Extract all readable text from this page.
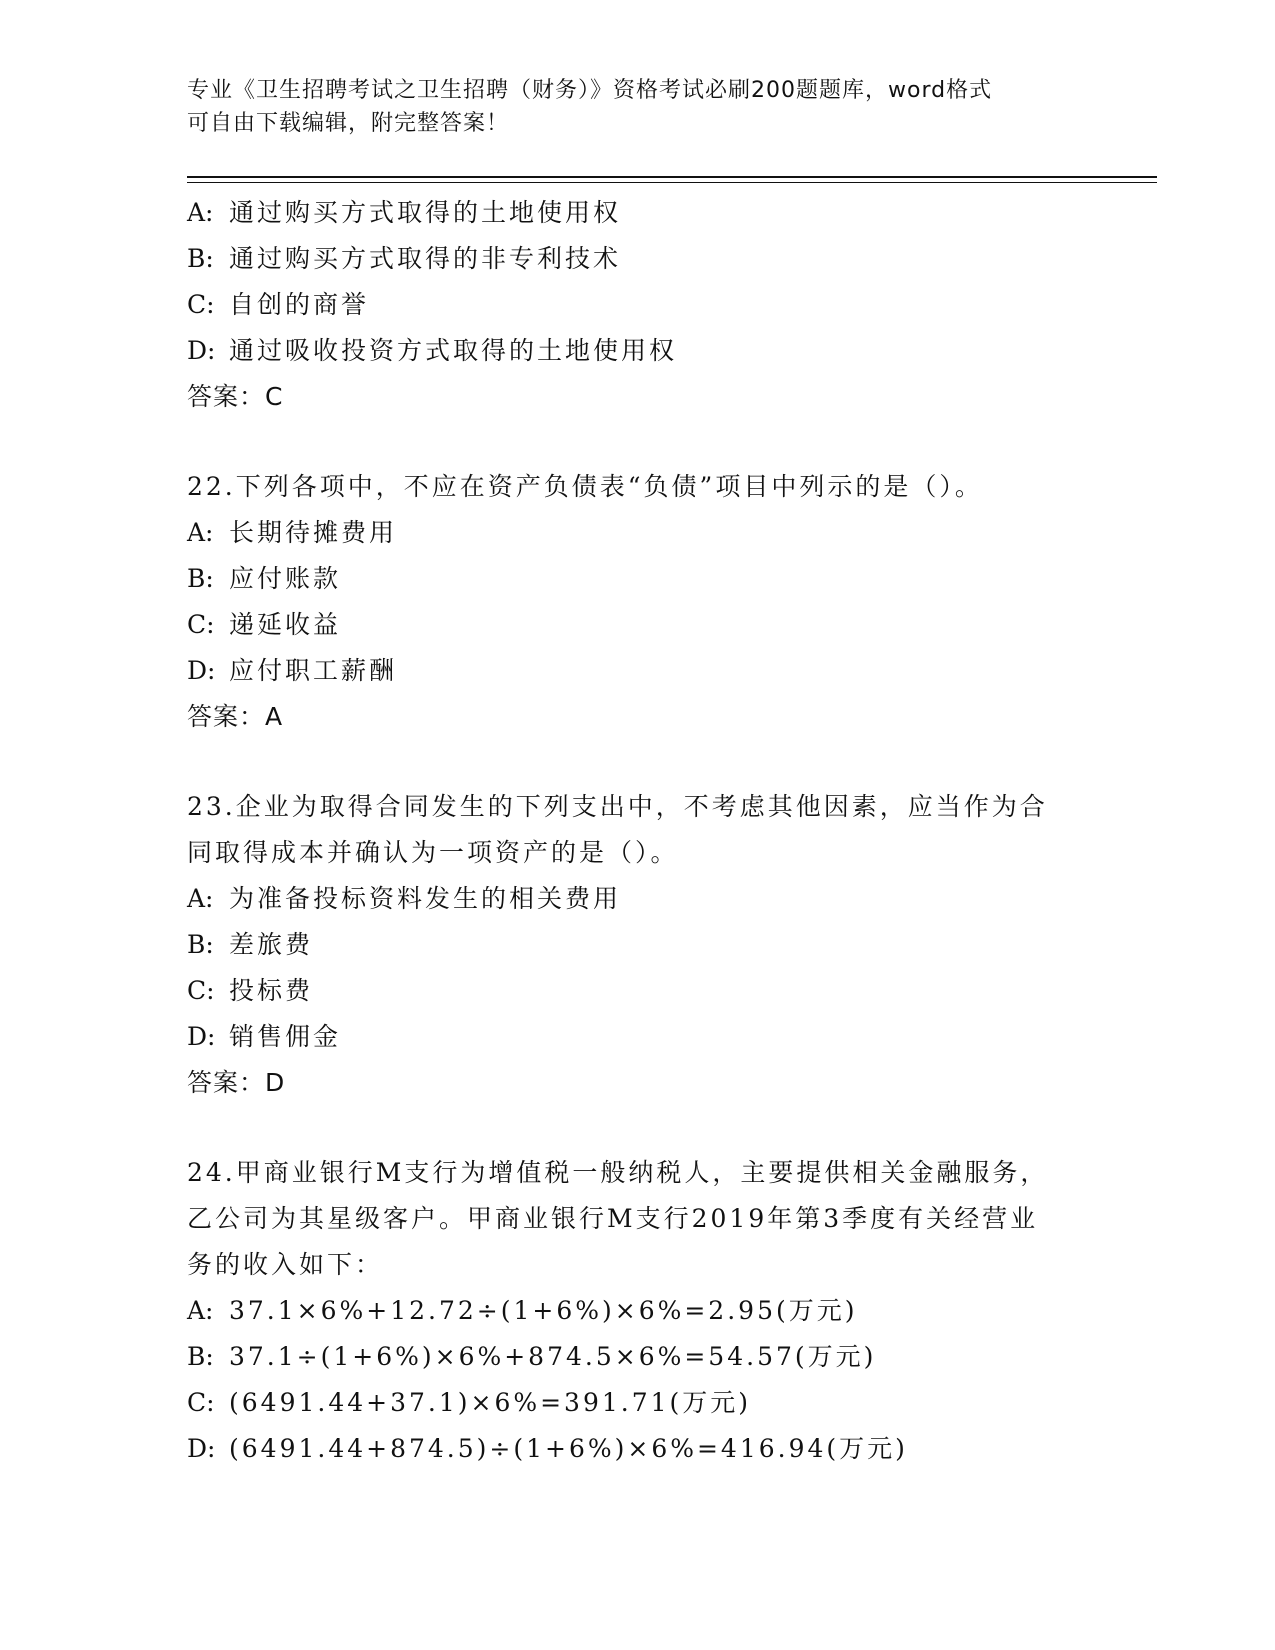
专业《卫生招聘考试之卫生招聘（财务）》资格考试必刷200题题库，word格式
可自由下载编辑，附完整答案！
A: 通过购买方式取得的土地使用权
B: 通过购买方式取得的非专利技术
C: 自创的商誉
D: 通过吸收投资方式取得的土地使用权
答案：C
22.下列各项中，不应在资产负债表“负债”项目中列示的是（）。
A: 长期待摊费用
B: 应付账款
C: 递延收益
D: 应付职工薪酬
答案：A
23.企业为取得合同发生的下列支出中，不考虑其他因素，应当作为合
同取得成本并确认为一项资产的是（）。
A: 为准备投标资料发生的相关费用
B: 差旅费
C: 投标费
D: 销售佣金
答案：D
24.甲商业银行M支行为增值税一般纳税人，主要提供相关金融服务，
乙公司为其星级客户。甲商业银行M支行2019年第3季度有关经营业
务的收入如下：
A: 37.1×6%+12.72÷(1+6%)×6%=2.95(万元)
B: 37.1÷(1+6%)×6%+874.5×6%=54.57(万元)
C: (6491.44+37.1)×6%=391.71(万元)
D: (6491.44+874.5)÷(1+6%)×6%=416.94(万元)
